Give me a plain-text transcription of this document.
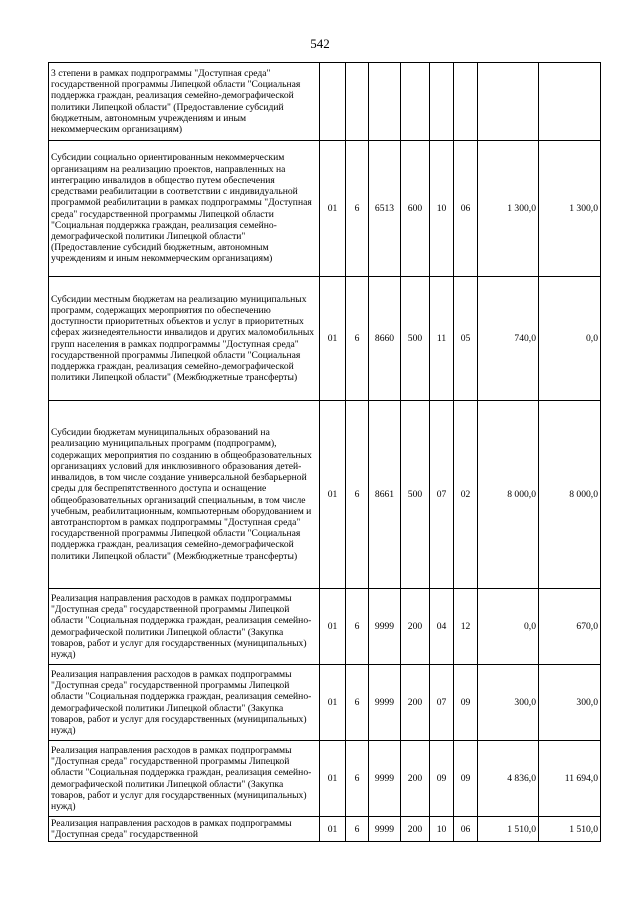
542
3 степени в рамках подпрограммы "Доступная среда" государственной программы Липецкой области "Социальная поддержка граждан, реализация семейно-демографической политики Липецкой области" (Предоставление субсидий бюджетным, автономным учреждениям и иным некоммерческим организациям)								
Субсидии социально ориентированным некоммерческим организациям на реализацию проектов, направленных на интеграцию инвалидов в общество путем обеспечения средствами реабилитации в соответствии с индивидуальной программой реабилитации в рамках подпрограммы "Доступная среда" государственной программы Липецкой области "Социальная поддержка граждан, реализация семейно-демографической политики Липецкой области" (Предоставление субсидий бюджетным, автономным учреждениям и иным некоммерческим организациям)	01	6	6513	600	10	06	1 300,0	1 300,0
Субсидии местным бюджетам на реализацию муниципальных программ, содержащих мероприятия по обеспечению доступности приоритетных объектов и услуг в приоритетных сферах жизнедеятельности инвалидов и других маломобильных групп населения в рамках подпрограммы "Доступная среда" государственной программы Липецкой области "Социальная поддержка граждан, реализация семейно-демографической политики Липецкой области" (Межбюджетные трансферты)	01	6	8660	500	11	05	740,0	0,0
Субсидии бюджетам муниципальных образований на реализацию муниципальных программ (подпрограмм), содержащих мероприятия по созданию в общеобразовательных организациях условий для инклюзивного образования детей-инвалидов, в том числе создание универсальной безбарьерной среды для беспрепятственного доступа и оснащение общеобразовательных организаций специальным, в том числе учебным, реабилитационным, компьютерным оборудованием и автотранспортом в рамках подпрограммы "Доступная среда" государственной программы Липецкой области "Социальная поддержка граждан, реализация семейно-демографической политики Липецкой области" (Межбюджетные трансферты)	01	6	8661	500	07	02	8 000,0	8 000,0
Реализация направления расходов в рамках подпрограммы "Доступная среда" государственной программы Липецкой области "Социальная поддержка граждан, реализация семейно-демографической политики Липецкой области" (Закупка товаров, работ и услуг для государственных (муниципальных) нужд)	01	6	9999	200	04	12	0,0	670,0
Реализация направления расходов в рамках подпрограммы "Доступная среда" государственной программы Липецкой области "Социальная поддержка граждан, реализация семейно-демографической политики Липецкой области" (Закупка товаров, работ и услуг для государственных (муниципальных) нужд)	01	6	9999	200	07	09	300,0	300,0
Реализация направления расходов в рамках подпрограммы "Доступная среда" государственной программы Липецкой области "Социальная поддержка граждан, реализация семейно-демографической политики Липецкой области" (Закупка товаров, работ и услуг для государственных (муниципальных) нужд)	01	6	9999	200	09	09	4 836,0	11 694,0
Реализация направления расходов в рамках подпрограммы "Доступная среда" государственной	01	6	9999	200	10	06	1 510,0	1 510,0
